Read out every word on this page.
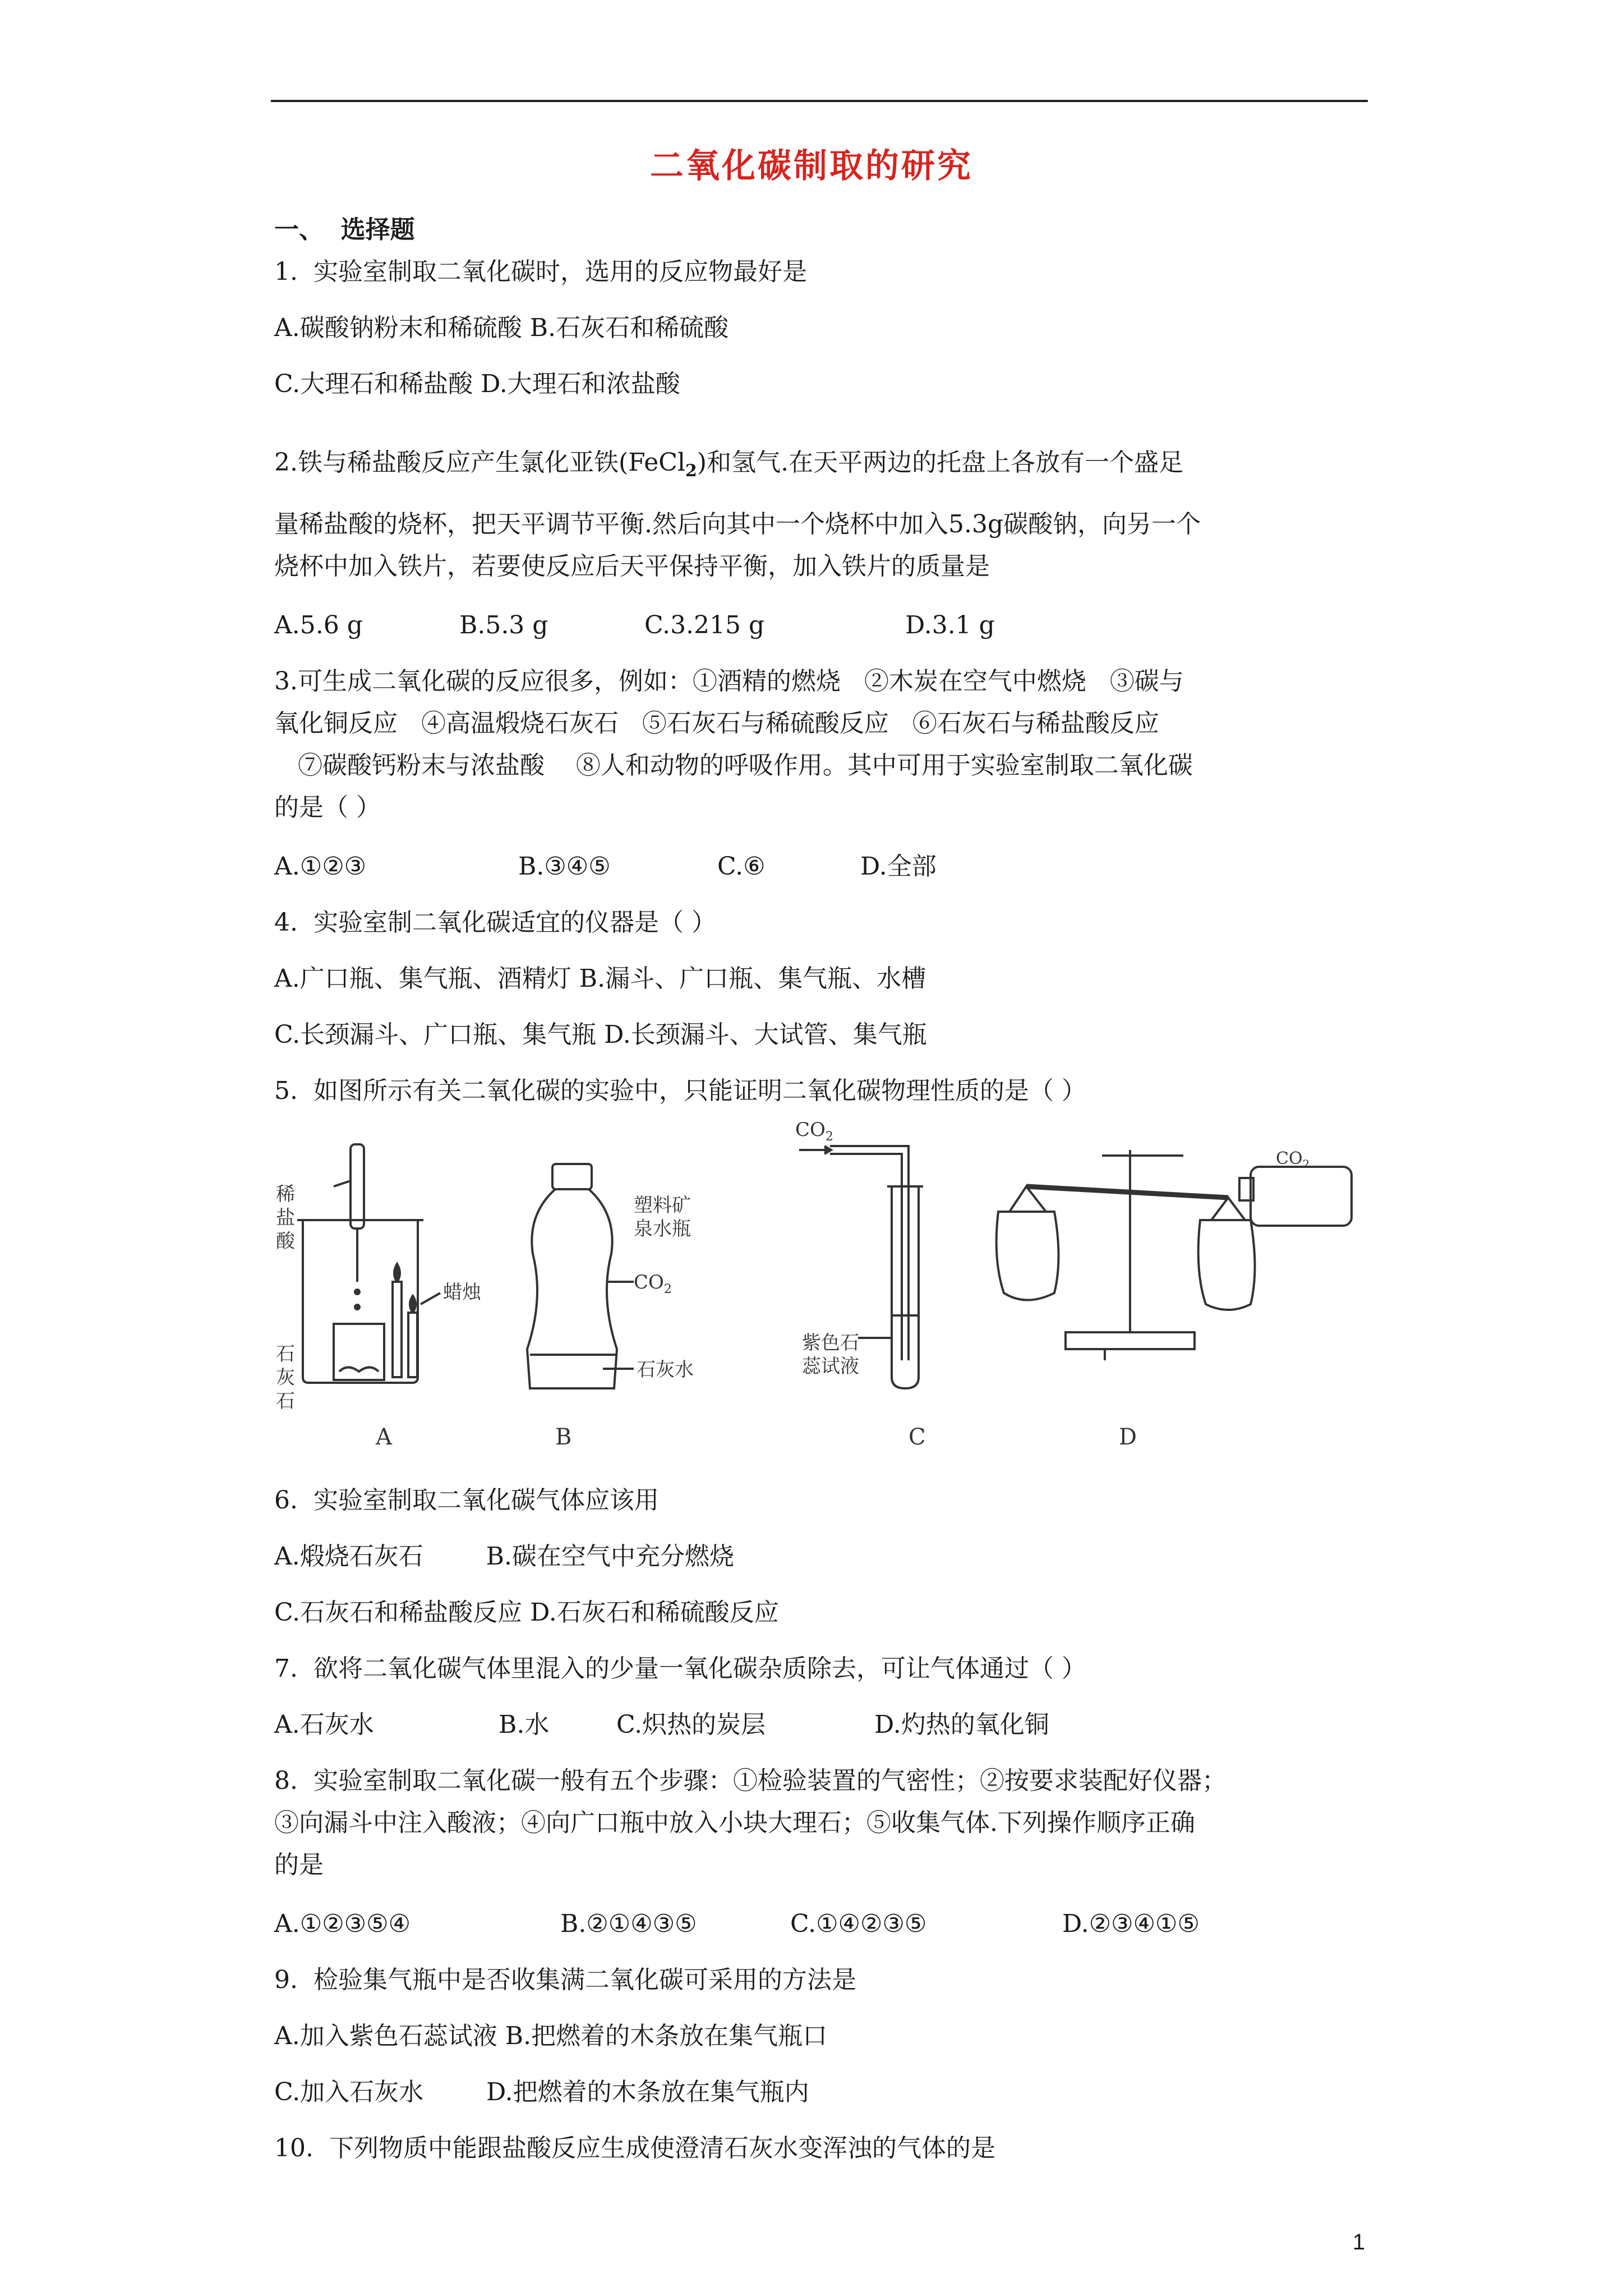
二氧化碳制取的研究
一、  选择题
1.  实验室制取二氧化碳时，选用的反应物最好是
A.碳酸钠粉末和稀硫酸 B.石灰石和稀硫酸
C.大理石和稀盐酸 D.大理石和浓盐酸
2.铁与稀盐酸反应产生氯化亚铁(FeCl$_2$)和氢气.在天平两边的托盘上各放有一个盛足
量稀盐酸的烧杯，把天平调节平衡.然后向其中一个烧杯中加入5.3g碳酸钠，向另一个
烧杯中加入铁片，若要使反应后天平保持平衡，加入铁片的质量是

A.5.6 g

	B.5.3 g

	C.3.215 g

	D.3.1 g

3.可生成二氧化碳的反应很多，例如：①酒精的燃烧   ②木炭在空气中燃烧   ③碳与
氧化铜反应   ④高温煅烧石灰石   ⑤石灰石与稀硫酸反应   ⑥石灰石与稀盐酸反应
⑦碳酸钙粉末与浓盐酸    ⑧人和动物的呼吸作用。其中可用于实验室制取二氧化碳
的是（ ）

A.①②③

	B.③④⑤

	C.⑥

	D.全部

4.  实验室制二氧化碳适宜的仪器是（ ）
A.广口瓶、集气瓶、酒精灯 B.漏斗、广口瓶、集气瓶、水槽
C.长颈漏斗、广口瓶、集气瓶 D.长颈漏斗、大试管、集气瓶
5.  如图所示有关二氧化碳的实验中，只能证明二氧化碳物理性质的是（ ）
稀
盐
酸
石
灰
石
蜡烛
A
塑料矿
泉水瓶
$CO_2$
石灰水
B
$CO_2$
紫色石
蕊试液
C
$CO_2$
D
6.  实验室制取二氧化碳气体应该用
A.煅烧石灰石        B.碳在空气中充分燃烧
C.石灰石和稀盐酸反应 D.石灰石和稀硫酸反应
7.  欲将二氧化碳气体里混入的少量一氧化碳杂质除去，可让气体通过（ ）

A.石灰水

	B.水

	C.炽热的炭层

	D.灼热的氧化铜

8.  实验室制取二氧化碳一般有五个步骤：①检验装置的气密性；②按要求装配好仪器；
③向漏斗中注入酸液；④向广口瓶中放入小块大理石；⑤收集气体.下列操作顺序正确
的是

A.①②③⑤④

	B.②①④③⑤

	C.①④②③⑤

	D.②③④①⑤

9.  检验集气瓶中是否收集满二氧化碳可采用的方法是
A.加入紫色石蕊试液 B.把燃着的木条放在集气瓶口
C.加入石灰水        D.把燃着的木条放在集气瓶内
10.  下列物质中能跟盐酸反应生成使澄清石灰水变浑浊的气体的是
1
